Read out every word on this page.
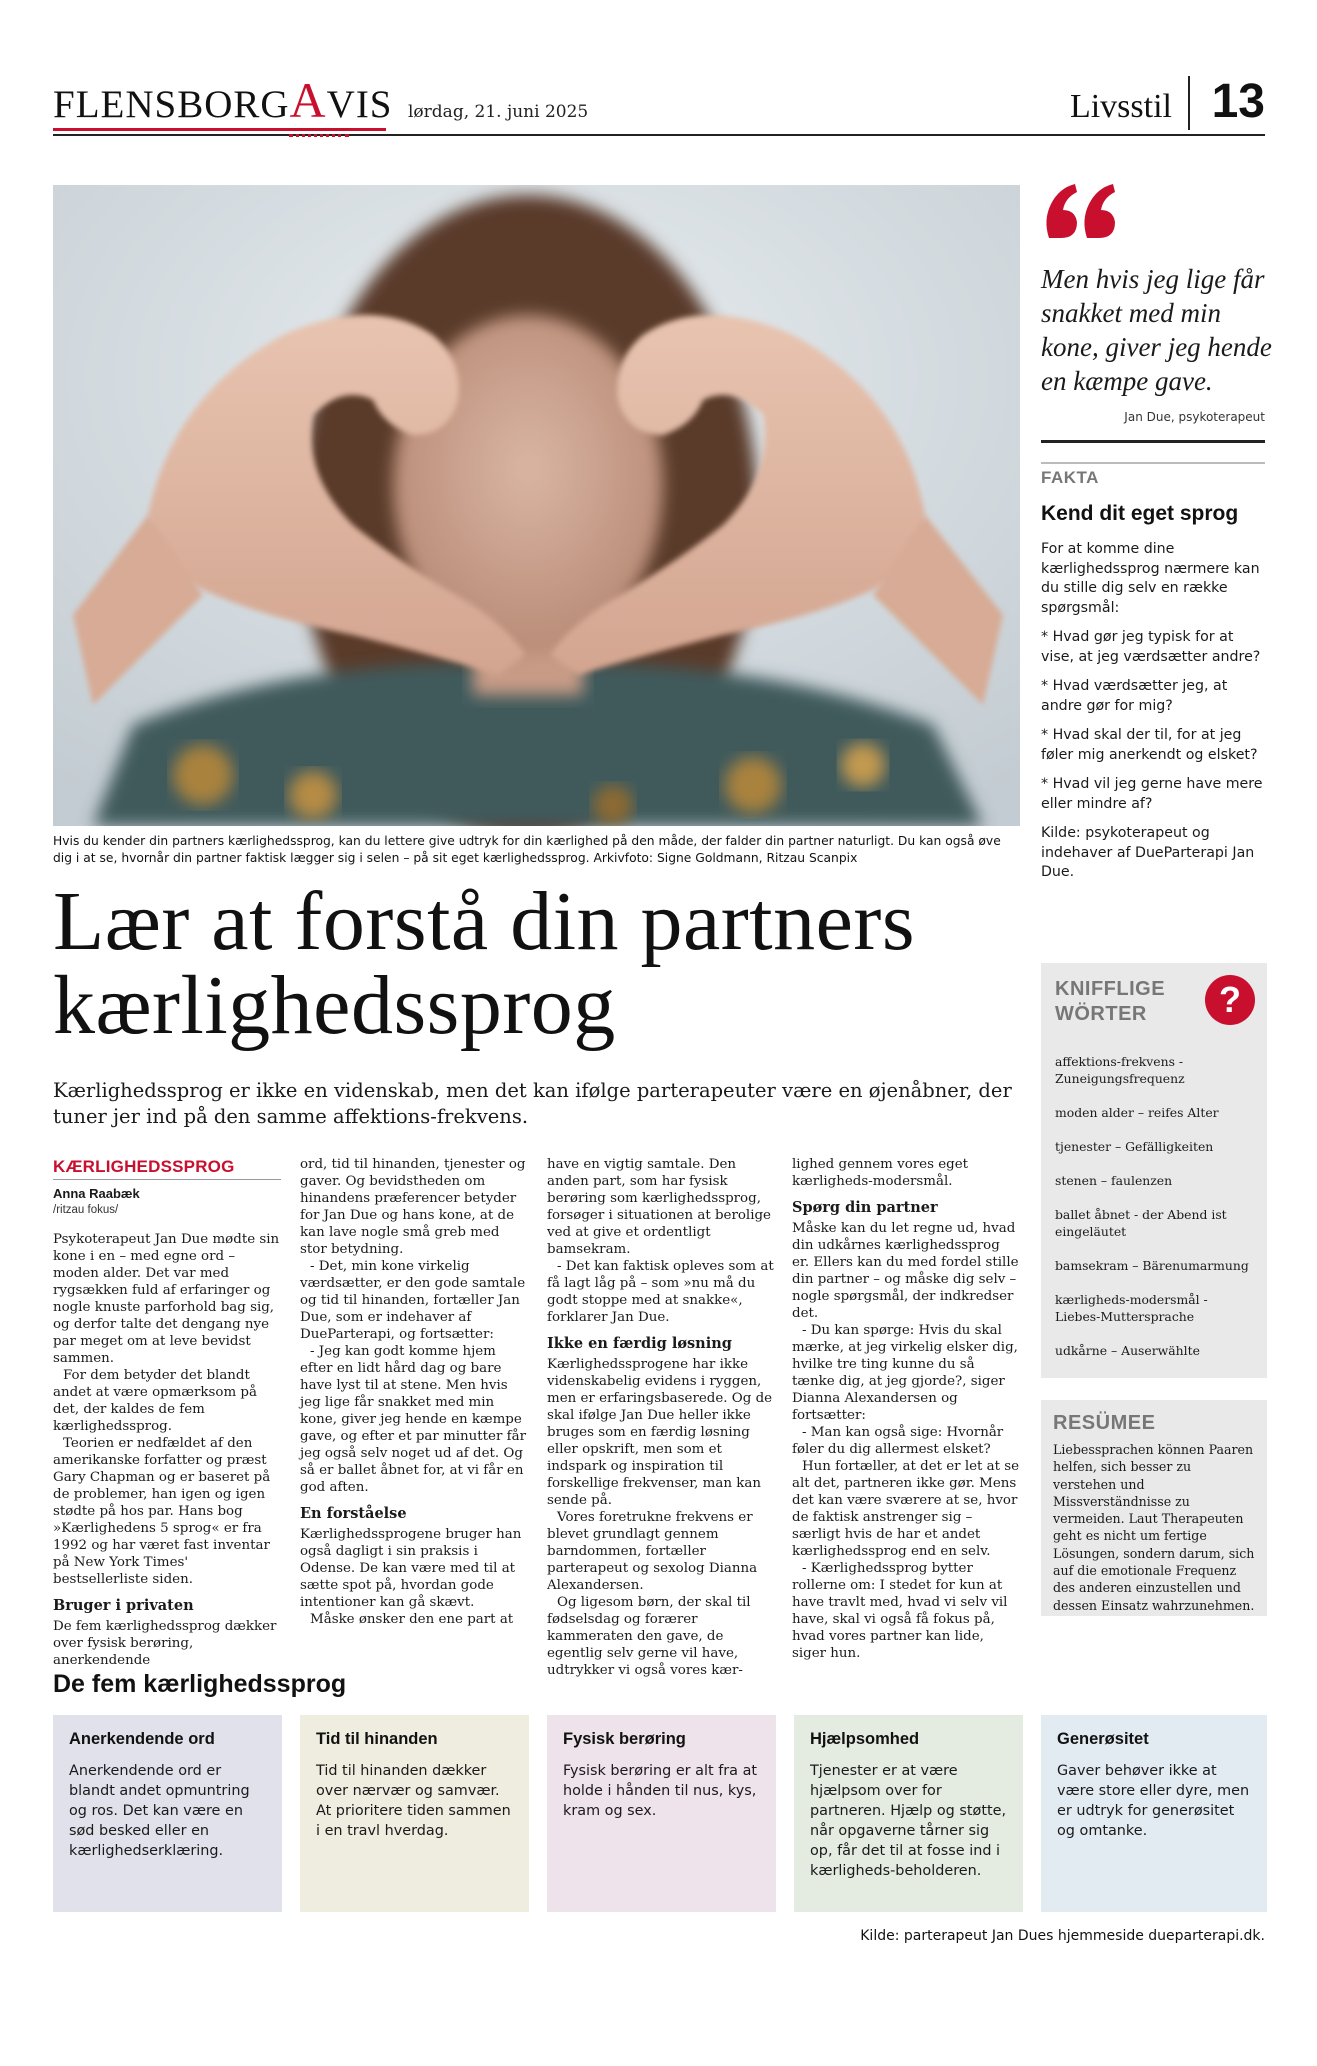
FLENSBORGAVIS lørdag, 21. juni 2025	Livsstil 13
Hvis du kender din partners kærlighedssprog, kan du lettere give udtryk for din kærlighed på den måde, der falder din partner naturligt. Du kan også øve dig i at se, hvornår din partner faktisk lægger sig i selen – på sit eget kærlighedssprog. Arkivfoto: Signe Goldmann, Ritzau Scanpix
Lær at forstå din partners kærlighedssprog

Kærlighedssprog er ikke en videnskab, men det kan ifølge parterapeuter være en øjenåbner, der tuner jer ind på den samme affektions-frekvens.

KÆRLIGHEDSSPROG
Anna Raabæk
/ritzau fokus/

Psykoterapeut Jan Due mødte sin kone i en – med egne ord – moden alder. Det var med rygsækken fuld af erfaringer og nogle knuste parforhold bag sig, og derfor talte det dengang nye par meget om at leve bevidst sammen.

For dem betyder det blandt andet at være opmærksom på det, der kaldes de fem kærlighedssprog.

Teorien er nedfældet af den amerikanske forfatter og præst Gary Chapman og er baseret på de problemer, han igen og igen stødte på hos par. Hans bog »Kærlighedens 5 sprog« er fra 1992 og har været fast inventar på New York Times' bestsellerliste siden.

Bruger i privaten

De fem kærlighedssprog dækker over fysisk berøring, anerkendende

ord, tid til hinanden, tjenester og gaver. Og bevidstheden om hinandens præferencer betyder for Jan Due og hans kone, at de kan lave nogle små greb med stor betydning.

- Det, min kone virkelig værdsætter, er den gode samtale og tid til hinanden, fortæller Jan Due, som er indehaver af DueParterapi, og fortsætter:

- Jeg kan godt komme hjem efter en lidt hård dag og bare have lyst til at stene. Men hvis jeg lige får snakket med min kone, giver jeg hende en kæmpe gave, og efter et par minutter får jeg også selv noget ud af det. Og så er ballet åbnet for, at vi får en god aften.

En forståelse

Kærlighedssprogene bruger han også dagligt i sin praksis i Odense. De kan være med til at sætte spot på, hvordan gode intentioner kan gå skævt.

Måske ønsker den ene part at

have en vigtig samtale. Den anden part, som har fysisk berøring som kærlighedssprog, forsøger i situationen at berolige ved at give et ordentligt bamsekram.

- Det kan faktisk opleves som at få lagt låg på – som »nu må du godt stoppe med at snakke«, forklarer Jan Due.

Ikke en færdig løsning

Kærlighedssprogene har ikke videnskabelig evidens i ryggen, men er erfaringsbaserede. Og de skal ifølge Jan Due heller ikke bruges som en færdig løsning eller opskrift, men som et indspark og inspiration til forskellige frekvenser, man kan sende på.

Vores foretrukne frekvens er blevet grundlagt gennem barndommen, fortæller parterapeut og sexolog Dianna Alexandersen.

Og ligesom børn, der skal til fødselsdag og forærer kammeraten den gave, de egentlig selv gerne vil have, udtrykker vi også vores kær-

lighed gennem vores eget kærligheds-modersmål.

Spørg din partner

Måske kan du let regne ud, hvad din udkårnes kærlighedssprog er. Ellers kan du med fordel stille din partner – og måske dig selv – nogle spørgsmål, der indkredser det.

- Du kan spørge: Hvis du skal mærke, at jeg virkelig elsker dig, hvilke tre ting kunne du så tænke dig, at jeg gjorde?, siger Dianna Alexandersen og fortsætter:

- Man kan også sige: Hvornår føler du dig allermest elsket?

Hun fortæller, at det er let at se alt det, partneren ikke gør. Mens det kan være sværere at se, hvor de faktisk anstrenger sig – særligt hvis de har et andet kærlighedssprog end en selv.

- Kærlighedssprog bytter rollerne om: I stedet for kun at have travlt med, hvad vi selv vil have, skal vi også få fokus på, hvad vores partner kan lide, siger hun.

Men hvis jeg lige får snakket med min kone, giver jeg hende en kæmpe gave.
Jan Due, psykoterapeut
FAKTA
Kend dit eget sprog

For at komme dine kærlighedssprog nærmere kan du stille dig selv en række spørgsmål:

* Hvad gør jeg typisk for at vise, at jeg værdsætter andre?

* Hvad værdsætter jeg, at andre gør for mig?

* Hvad skal der til, for at jeg føler mig anerkendt og elsket?

* Hvad vil jeg gerne have mere eller mindre af?

Kilde: psykoterapeut og indehaver af DueParterapi Jan Due.

KNIFFLIGE WÖRTER	?
affektions-frekvens - Zuneigungsfrequenz
moden alder – reifes Alter
tjenester – Gefälligkeiten
stenen – faulenzen
ballet åbnet - der Abend ist eingeläutet
bamsekram – Bärenumarmung
kærligheds-modersmål - Liebes-Muttersprache
udkårne – Auserwählte
RESÜMEE
Liebessprachen können Paaren helfen, sich besser zu verstehen und Missverständnisse zu vermeiden. Laut Therapeuten geht es nicht um fertige Lösungen, sondern darum, sich auf die emotionale Frequenz des anderen einzustellen und dessen Einsatz wahrzunehmen.
De fem kærlighedssprog
Anerkendende ord
Anerkendende ord er blandt andet opmuntring og ros. Det kan være en sød besked eller en kærlighedserklæring.
Tid til hinanden
Tid til hinanden dækker over nærvær og samvær. At prioritere tiden sammen i en travl hverdag.
Fysisk berøring
Fysisk berøring er alt fra at holde i hånden til nus, kys, kram og sex.
Hjælpsomhed
Tjenester er at være hjælpsom over for partneren. Hjælp og støtte, når opgaverne tårner sig op, får det til at fosse ind i kærligheds-beholderen.
Generøsitet
Gaver behøver ikke at være store eller dyre, men er udtryk for generøsitet og omtanke.
Kilde: parterapeut Jan Dues hjemmeside dueparterapi.dk.
